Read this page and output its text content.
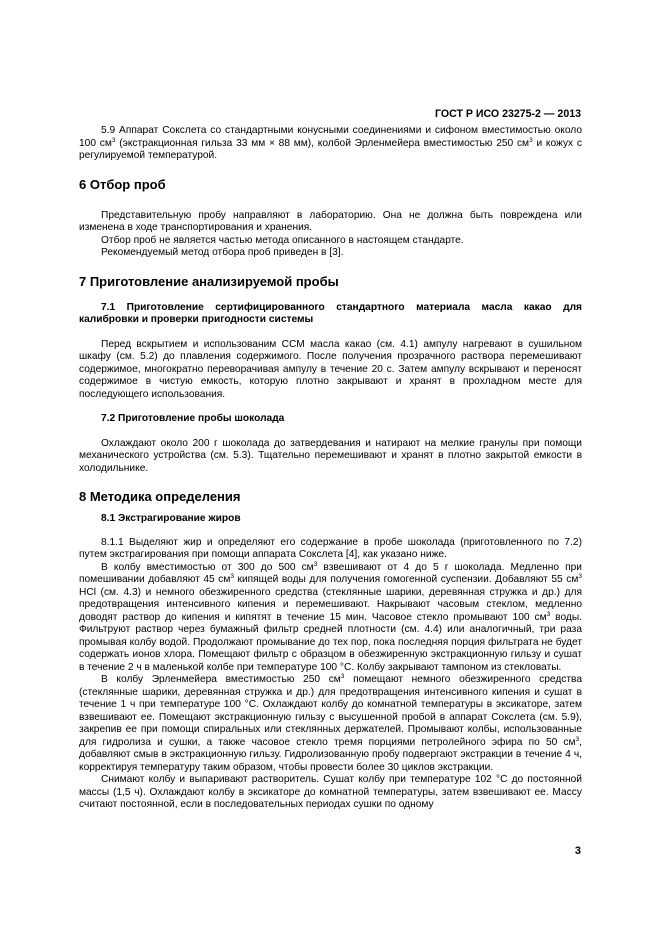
ГОСТ Р ИСО 23275-2 — 2013

5.9 Аппарат Сокслета со стандартными конусными соединениями и сифоном вместимостью около 100 $см^3$ (экстракционная гильза 33 мм × 88 мм), колбой Эрленмейера вместимостью 250 $см^3$ и кожух с регулируемой температурой.

6 Отбор проб

Представительную пробу направляют в лабораторию. Она не должна быть повреждена или изменена в ходе транспортирования и хранения.

Отбор проб не является частью метода описанного в настоящем стандарте.

Рекомендуемый метод отбора проб приведен в [3].

7 Приготовление анализируемой пробы

7.1 Приготовление сертифицированного стандартного материала масла какао для калибровки и проверки пригодности системы

Перед вскрытием и использованим ССМ масла какао (см. 4.1) ампулу нагревают в сушильном шкафу (см. 5.2) до плавления содержимого. После получения прозрачного раствора перемешивают содержимое, многократно переворачивая ампулу в течение 20 с. Затем ампулу вскрывают и переносят содержимое в чистую емкость, которую плотно закрывают и хранят в прохладном месте для последующего использования.

7.2 Приготовление пробы шоколада

Охлаждают около 200 г шоколада до затвердевания и натирают на мелкие гранулы при помощи механического устройства (см. 5.3). Тщательно перемешивают и хранят в плотно закрытой емкости в холодильнике.

8 Методика определения

8.1 Экстрагирование жиров

8.1.1 Выделяют жир и определяют его содержание в пробе шоколада (приготовленного по 7.2) путем экстрагирования при помощи аппарата Сокслета [4], как указано ниже.

В колбу вместимостью от 300 до 500 $см^3$ взвешивают от 4 до 5 г шоколада. Медленно при помешивании добавляют 45 $см^3$ кипящей воды для получения гомогенной суспензии. Добавляют 55 $см^3$ HCl (см. 4.3) и немного обезжиренного средства (стеклянные шарики, деревянная стружка и др.) для предотвращения интенсивного кипения и перемешивают. Накрывают часовым стеклом, медленно доводят раствор до кипения и кипятят в течение 15 мин. Часовое стекло промывают 100 $см^3$ воды. Фильтруют раствор через бумажный фильтр средней плотности (см. 4.4) или аналогичный, три раза промывая колбу водой. Продолжают промывание до тех пор, пока последняя порция фильтрата не будет содержать ионов хлора. Помещают фильтр с образцом в обезжиренную экстракционную гильзу и сушат в течение 2 ч в маленькой колбе при температуре 100 °С. Колбу закрывают тампоном из стекловаты.

В колбу Эрленмейера вместимостью 250 $см^3$ помещают немного обезжиренного средства (стеклянные шарики, деревянная стружка и др.) для предотвращения интенсивного кипения и сушат в течение 1 ч при температуре 100 °С. Охлаждают колбу до комнатной температуры в эксикаторе, затем взвешивают ее. Помещают экстракционную гильзу с высушенной пробой в аппарат Сокслета (см. 5.9), закрепив ее при помощи спиральных или стеклянных держателей. Промывают колбы, использованные для гидролиза и сушки, а также часовое стекло тремя порциями петролейного эфира по 50 $см^3$, добавляют смыв в экстракционную гильзу. Гидролизованную пробу подвергают экстракции в течение 4 ч, корректируя температуру таким образом, чтобы провести более 30 циклов экстракции.

Снимают колбу и выпаривают растворитель. Сушат колбу при температуре 102 °С до постоянной массы (1,5 ч). Охлаждают колбу в эксикаторе до комнатной температуры, затем взвешивают ее. Массу считают постоянной, если в последовательных периодах сушки по одному

3
